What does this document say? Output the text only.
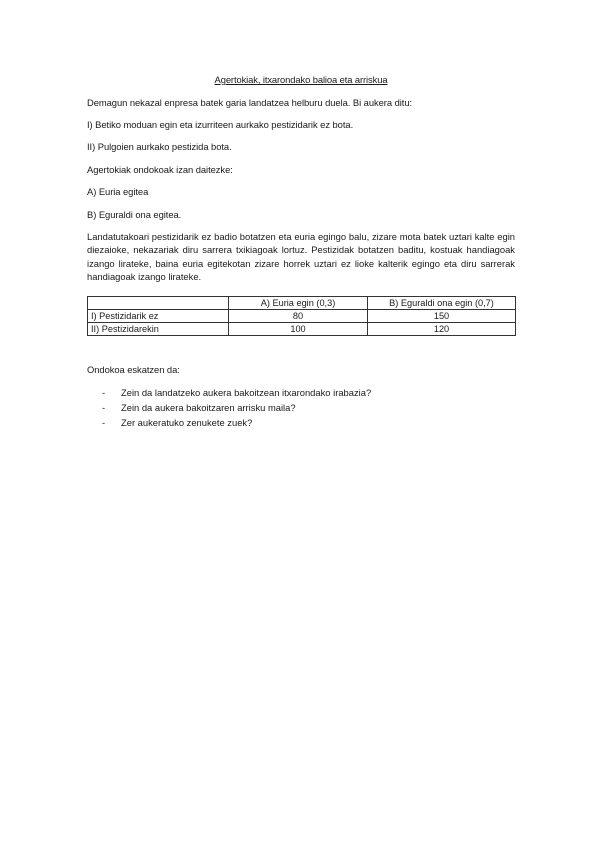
Agertokiak, itxarondako balioa eta arriskua

Demagun nekazal enpresa batek garia landatzea helburu duela. Bi aukera ditu:

I) Betiko moduan egin eta izurriteen aurkako pestizidarik ez bota.

II) Pulgoien aurkako pestizida bota.

Agertokiak ondokoak izan daitezke:

A) Euria egitea

B) Eguraldi ona egitea.

Landatutakoari pestizidarik ez badio botatzen eta euria egingo balu, zizare mota batek uztari kalte egin diezaioke, nekazariak diru sarrera txikiagoak lortuz. Pestizidak botatzen baditu, kostuak handiagoak izango lirateke, baina euria egitekotan zizare horrek uztari ez lioke kalterik egingo eta diru sarrerak handiagoak izango lirateke.

	A) Euria egin (0,3)	B) Eguraldi ona egin (0,7)
I) Pestizidarik ez	80	150
II) Pestizidarekin	100	120

Ondokoa eskatzen da:

- Zein da landatzeko aukera bakoitzean itxarondako irabazia?
- Zein da aukera bakoitzaren arrisku maila?
- Zer aukeratuko zenukete zuek?
